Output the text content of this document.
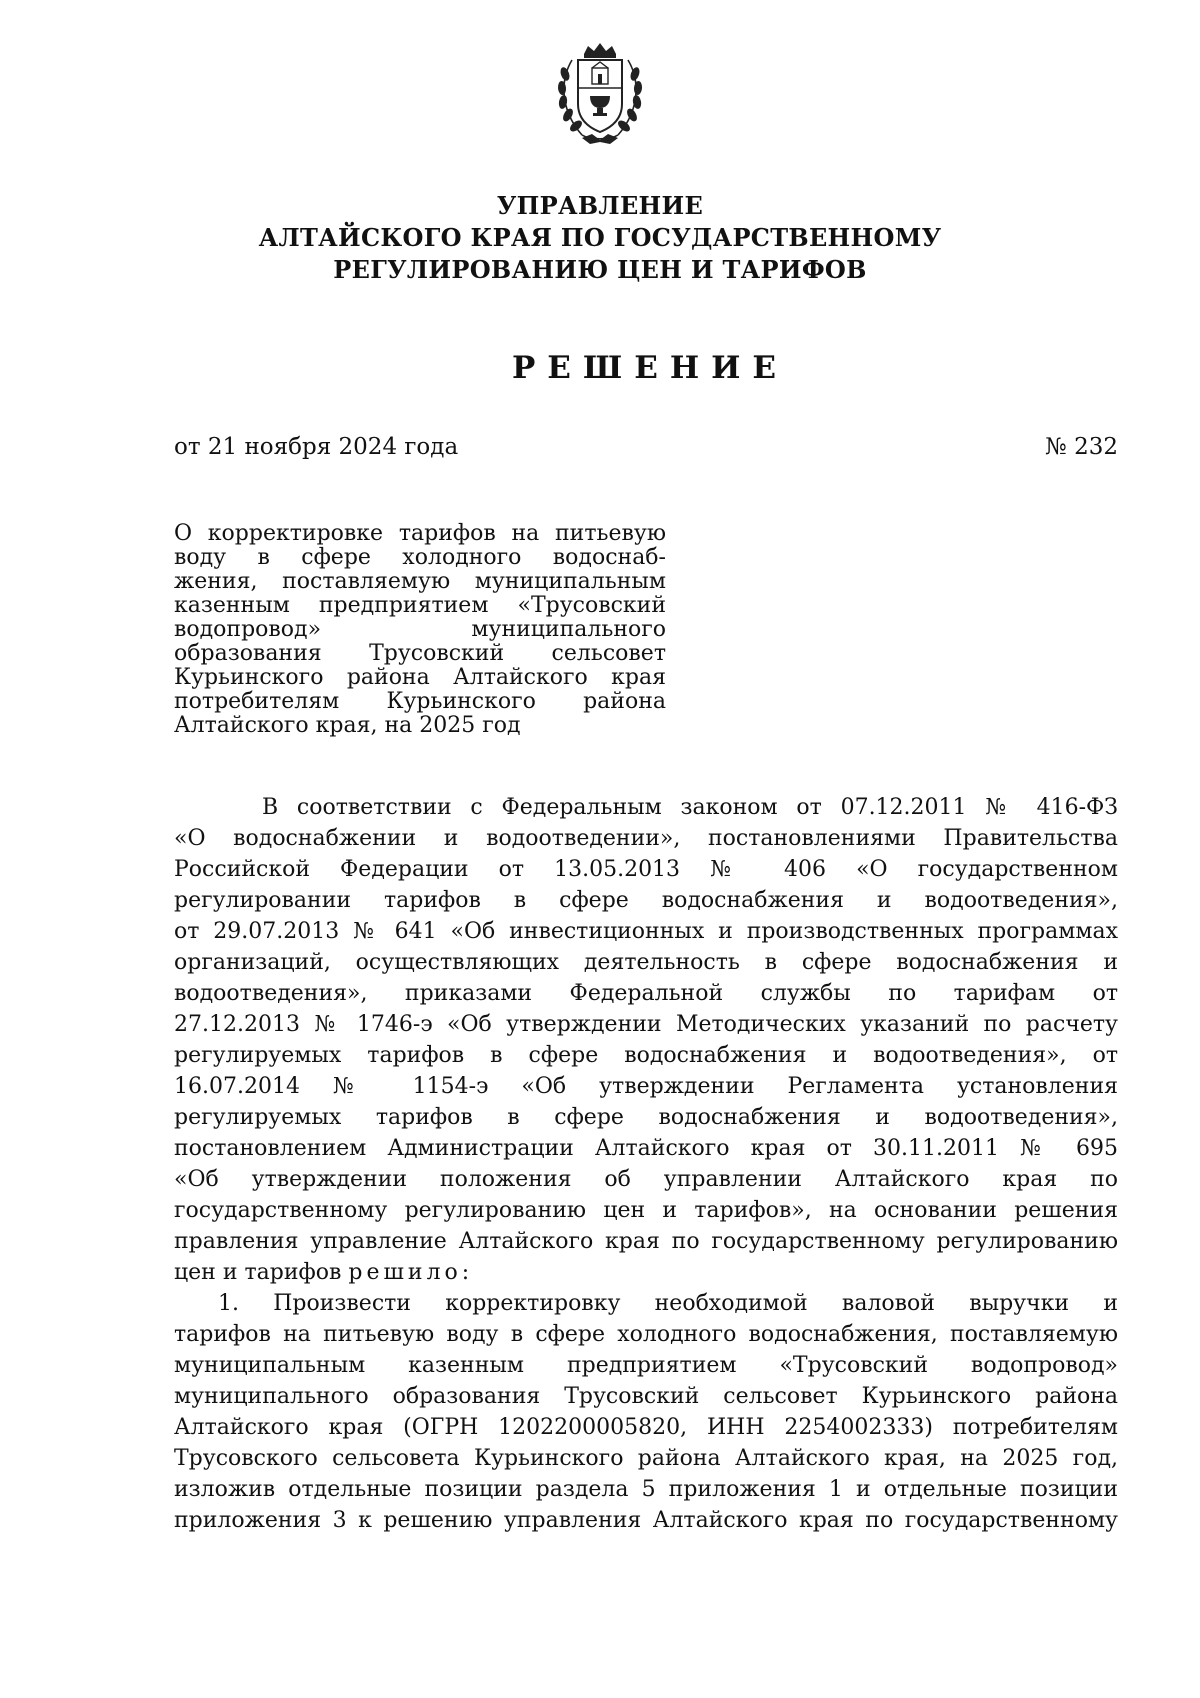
УПРАВЛЕНИЕ
АЛТАЙСКОГО КРАЯ ПО ГОСУДАРСТВЕННОМУ
РЕГУЛИРОВАНИЮ ЦЕН И ТАРИФОВ
РЕШЕНИЕ
от 21 ноября 2024 года	№ 232
О корректировке тарифов на питьевую
воду в сфере холодного водоснаб-
жения, поставляемую муниципальным
казенным предприятием «Трусовский
водопровод» муниципального
образования Трусовский сельсовет
Курьинского района Алтайского края
потребителям Курьинского района
Алтайского края, на 2025 год
В соответствии с Федеральным законом от 07.12.2011 № 416-ФЗ
«О водоснабжении и водоотведении», постановлениями Правительства
Российской Федерации от 13.05.2013 № 406 «О государственном
регулировании тарифов в сфере водоснабжения и водоотведения»,
от 29.07.2013 № 641 «Об инвестиционных и производственных программах
организаций, осуществляющих деятельность в сфере водоснабжения и
водоотведения», приказами Федеральной службы по тарифам от
27.12.2013 № 1746-э «Об утверждении Методических указаний по расчету
регулируемых тарифов в сфере водоснабжения и водоотведения», от
16.07.2014 № 1154-э «Об утверждении Регламента установления
регулируемых тарифов в сфере водоснабжения и водоотведения»,
постановлением Администрации Алтайского края от 30.11.2011 № 695
«Об утверждении положения об управлении Алтайского края по
государственному регулированию цен и тарифов», на основании решения
правления управление Алтайского края по государственному регулированию
цен и тарифов решило:
1. Произвести корректировку необходимой валовой выручки и
тарифов на питьевую воду в сфере холодного водоснабжения, поставляемую
муниципальным казенным предприятием «Трусовский водопровод»
муниципального образования Трусовский сельсовет Курьинского района
Алтайского края (ОГРН 1202200005820, ИНН 2254002333) потребителям
Трусовского сельсовета Курьинского района Алтайского края, на 2025 год,
изложив отдельные позиции раздела 5 приложения 1 и отдельные позиции
приложения 3 к решению управления Алтайского края по государственному
